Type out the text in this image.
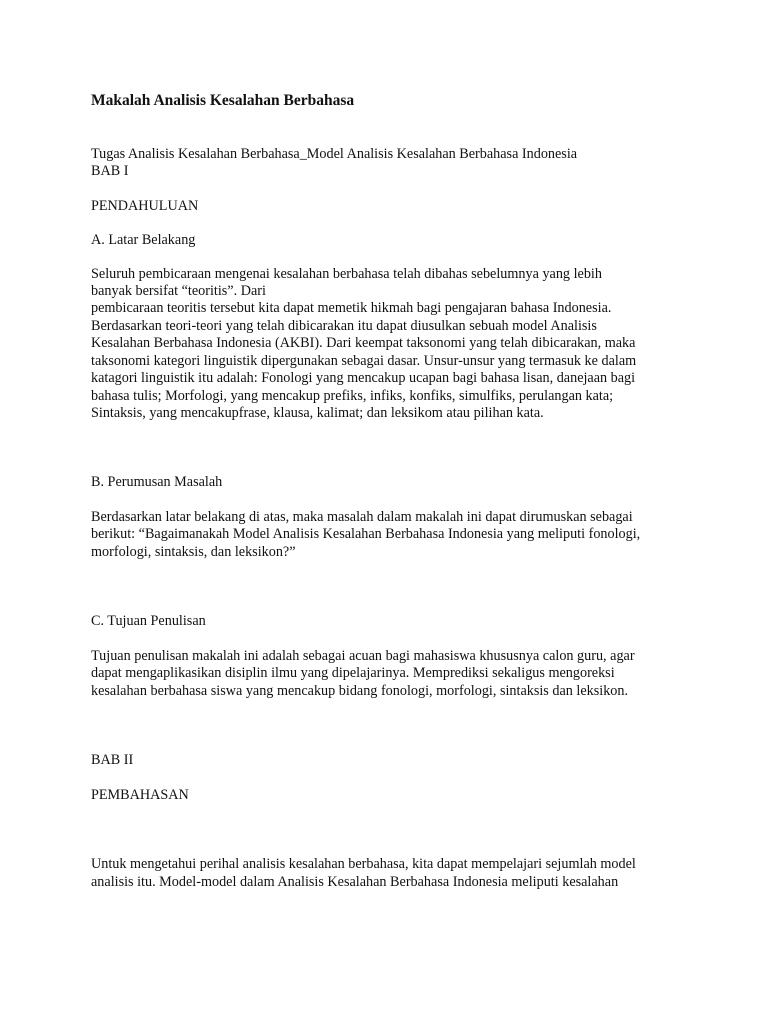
Makalah Analisis Kesalahan Berbahasa

Tugas Analisis Kesalahan Berbahasa_Model Analisis Kesalahan Berbahasa Indonesia

BAB I

PENDAHULUAN

A. Latar Belakang

Seluruh pembicaraan mengenai kesalahan berbahasa telah dibahas sebelumnya yang lebih

banyak bersifat “teoritis”. Dari

pembicaraan teoritis tersebut kita dapat memetik hikmah bagi pengajaran bahasa Indonesia.

Berdasarkan teori-teori yang telah dibicarakan itu dapat diusulkan sebuah model Analisis

Kesalahan Berbahasa Indonesia (AKBI). Dari keempat taksonomi yang telah dibicarakan, maka

taksonomi kategori linguistik dipergunakan sebagai dasar. Unsur-unsur yang termasuk ke dalam

katagori linguistik itu adalah: Fonologi yang mencakup ucapan bagi bahasa lisan, danejaan bagi

bahasa tulis; Morfologi, yang mencakup prefiks, infiks, konfiks, simulfiks, perulangan kata;

Sintaksis, yang mencakupfrase, klausa, kalimat; dan leksikom atau pilihan kata.

B. Perumusan Masalah

Berdasarkan latar belakang di atas, maka masalah dalam makalah ini dapat dirumuskan sebagai

berikut: “Bagaimanakah Model Analisis Kesalahan Berbahasa Indonesia yang meliputi fonologi,

morfologi, sintaksis, dan leksikon?”

C. Tujuan Penulisan

Tujuan penulisan makalah ini adalah sebagai acuan bagi mahasiswa khususnya calon guru, agar

dapat mengaplikasikan disiplin ilmu yang dipelajarinya. Memprediksi sekaligus mengoreksi

kesalahan berbahasa siswa yang mencakup bidang fonologi, morfologi, sintaksis dan leksikon.

BAB II

PEMBAHASAN

Untuk mengetahui perihal analisis kesalahan berbahasa, kita dapat mempelajari sejumlah model

analisis itu. Model-model dalam Analisis Kesalahan Berbahasa Indonesia meliputi kesalahan
